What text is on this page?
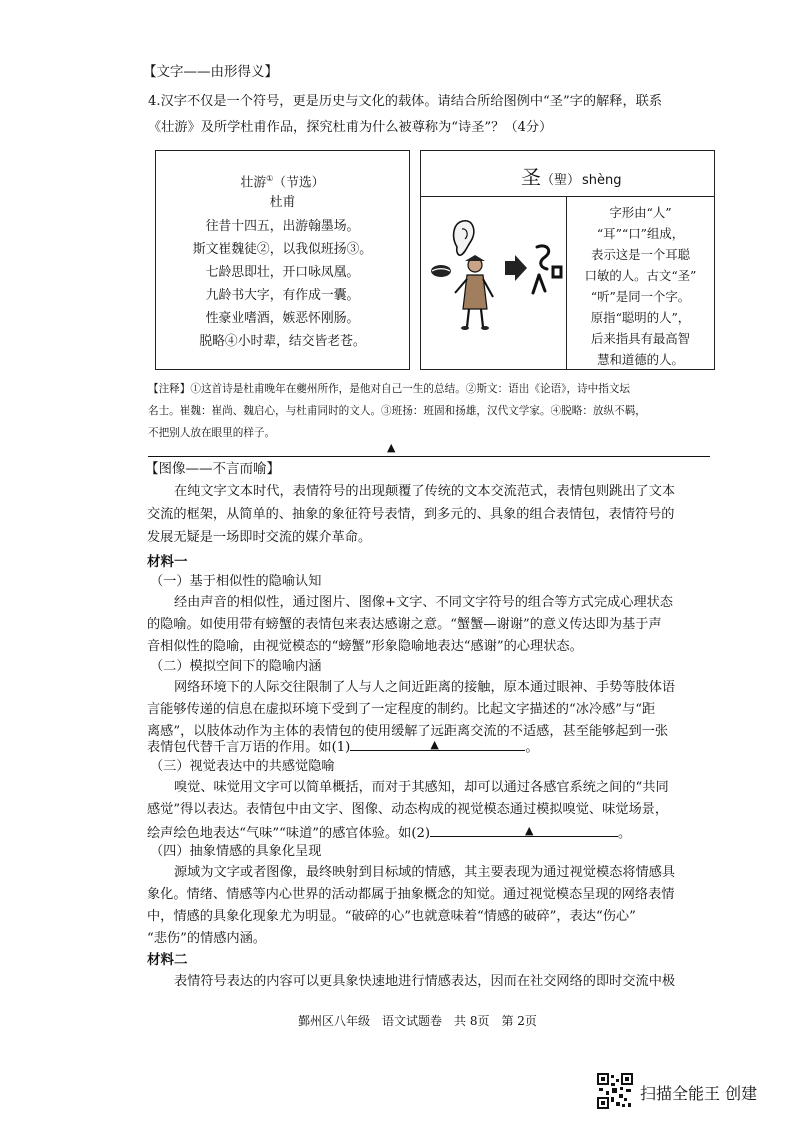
【文字——由形得义】
4.汉字不仅是一个符号，更是历史与文化的载体。请结合所给图例中“圣”字的解释，联系
《壮游》及所学杜甫作品，探究杜甫为什么被尊称为“诗圣”？（4分）
壮游①（节选）
杜甫
往昔十四五，出游翰墨场。
斯文崔魏徒②，以我似班扬③。
七龄思即壮，开口咏凤凰。
九龄书大字，有作成一囊。
性豪业嗜酒，嫉恶怀刚肠。
脱略④小时辈，结交皆老苍。
圣（聖） shèng
字形由“人”
“耳”“口”组成，
表示这是一个耳聪
口敏的人。古文“圣”
“听”是同一个字。
原指“聪明的人”，
后来指具有最高智
慧和道德的人。
【注释】①这首诗是杜甫晚年在夔州所作，是他对自己一生的总结。②斯文：语出《论语》，诗中指文坛
名士。崔魏：崔尚、魏启心，与杜甫同时的文人。③班扬：班固和扬雄，汉代文学家。④脱略：放纵不羁，
不把别人放在眼里的样子。
▲
【图像——不言而喻】
在纯文字文本时代，表情符号的出现颠覆了传统的文本交流范式，表情包则跳出了文本
交流的框架，从简单的、抽象的象征符号表情，到多元的、具象的组合表情包，表情符号的
发展无疑是一场即时交流的媒介革命。
材料一
（一）基于相似性的隐喻认知
经由声音的相似性，通过图片、图像+文字、不同文字符号的组合等方式完成心理状态
的隐喻。如使用带有螃蟹的表情包来表达感谢之意。“蟹蟹—谢谢”的意义传达即为基于声
音相似性的隐喻，由视觉模态的“螃蟹”形象隐喻地表达“感谢”的心理状态。
（二）模拟空间下的隐喻内涵
网络环境下的人际交往限制了人与人之间近距离的接触，原本通过眼神、手势等肢体语
言能够传递的信息在虚拟环境下受到了一定程度的制约。比起文字描述的“冰冷感”与“距
离感”，以肢体动作为主体的表情包的使用缓解了远距离交流的不适感，甚至能够起到一张
表情包代替千言万语的作用。如(1)	▲	。
（三）视觉表达中的共感觉隐喻
嗅觉、味觉用文字可以简单概括，而对于其感知，却可以通过各感官系统之间的“共同
感觉”得以表达。表情包中由文字、图像、动态构成的视觉模态通过模拟嗅觉、味觉场景，
绘声绘色地表达“气味”“味道”的感官体验。如(2)	▲	。
（四）抽象情感的具象化呈现
源域为文字或者图像，最终映射到目标域的情感，其主要表现为通过视觉模态将情感具
象化。情绪、情感等内心世界的活动都属于抽象概念的知觉。通过视觉模态呈现的网络表情
中，情感的具象化现象尤为明显。“破碎的心”也就意味着“情感的破碎”，表达“伤心”
“悲伤”的情感内涵。
材料二
表情符号表达的内容可以更具象快速地进行情感表达，因而在社交网络的即时交流中极
鄞州区八年级　语文试题卷　共 8页　第 2页
扫描全能王 创建
